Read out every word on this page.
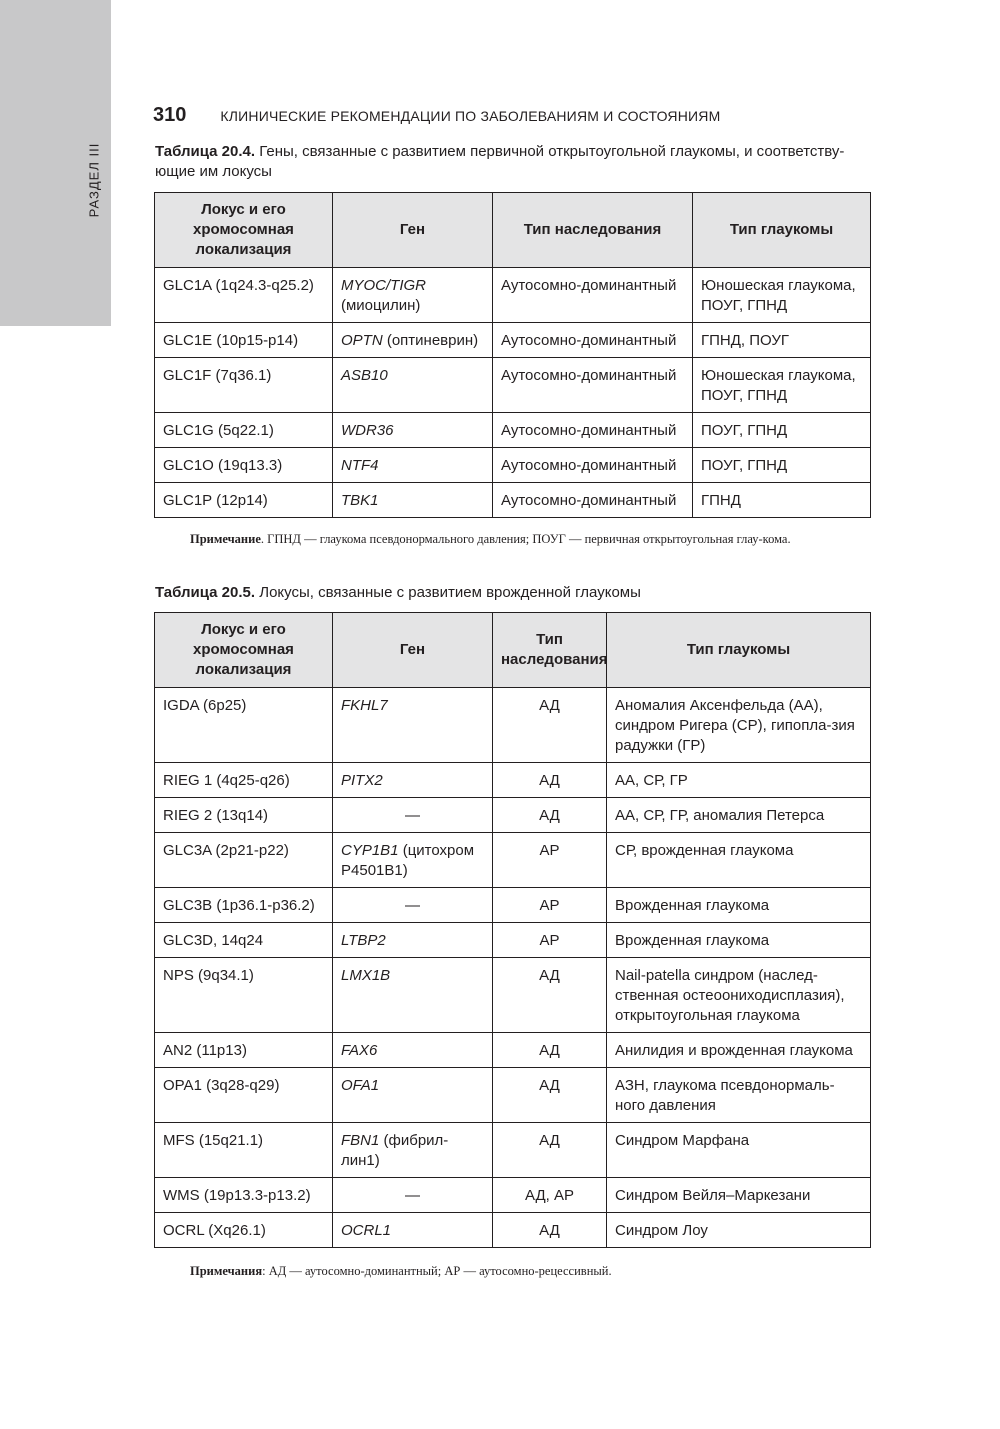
РАЗДЕЛ III
310 КЛИНИЧЕСКИЕ РЕКОМЕНДАЦИИ ПО ЗАБОЛЕВАНИЯМ И СОСТОЯНИЯМ
Таблица 20.4. Гены, связанные с развитием первичной открытоугольной глаукомы, и соответству-ющие им локусы
Локус и его хромосомная локализация	Ген	Тип наследования	Тип глаукомы
GLC1A (1q24.3-q25.2)	MYOC/TIGR (миоцилин)	Аутосомно-доминантный	Юношеская глаукома, ПОУГ, ГПНД
GLC1E (10p15-p14)	OPTN (оптиневрин)	Аутосомно-доминантный	ГПНД, ПОУГ
GLC1F (7q36.1)	ASB10	Аутосомно-доминантный	Юношеская глаукома, ПОУГ, ГПНД
GLC1G (5q22.1)	WDR36	Аутосомно-доминантный	ПОУГ, ГПНД
GLC1O (19q13.3)	NTF4	Аутосомно-доминантный	ПОУГ, ГПНД
GLC1P (12p14)	TBK1	Аутосомно-доминантный	ГПНД
Примечание. ГПНД — глаукома псевдонормального давления; ПОУГ — первичная открытоугольная глау-кома.
Таблица 20.5. Локусы, связанные с развитием врожденной глаукомы
Локус и его хромосомная локализация	Ген	Тип наследования	Тип глаукомы
IGDA (6p25)	FKHL7	АД	Аномалия Аксенфельда (АА), синдром Ригера (СР), гипопла-зия радужки (ГР)
RIEG 1 (4q25-q26)	PITX2	АД	АА, СР, ГР
RIEG 2 (13q14)	—	АД	АА, СР, ГР, аномалия Петерса
GLC3A (2p21-p22)	CYP1B1 (цитохром P4501B1)	АР	СР, врожденная глаукома
GLC3B (1p36.1-p36.2)	—	АР	Врожденная глаукома
GLC3D, 14q24	LTBP2	АР	Врожденная глаукома
NPS (9q34.1)	LMX1B	АД	Nail-patella синдром (наслед-ственная остеоониходисплазия), открытоугольная глаукома
AN2 (11p13)	FAX6	АД	Анилидия и врожденная глаукома
OPA1 (3q28-q29)	OFA1	АД	АЗН, глаукома псевдонормаль-ного давления
MFS (15q21.1)	FBN1 (фибрил-лин1)	АД	Синдром Марфана
WMS (19p13.3-p13.2)	—	АД, АР	Синдром Вейля–Маркезани
OCRL (Xq26.1)	OCRL1	АД	Синдром Лоу
Примечания: АД — аутосомно-доминантный; АР — аутосомно-рецессивный.
